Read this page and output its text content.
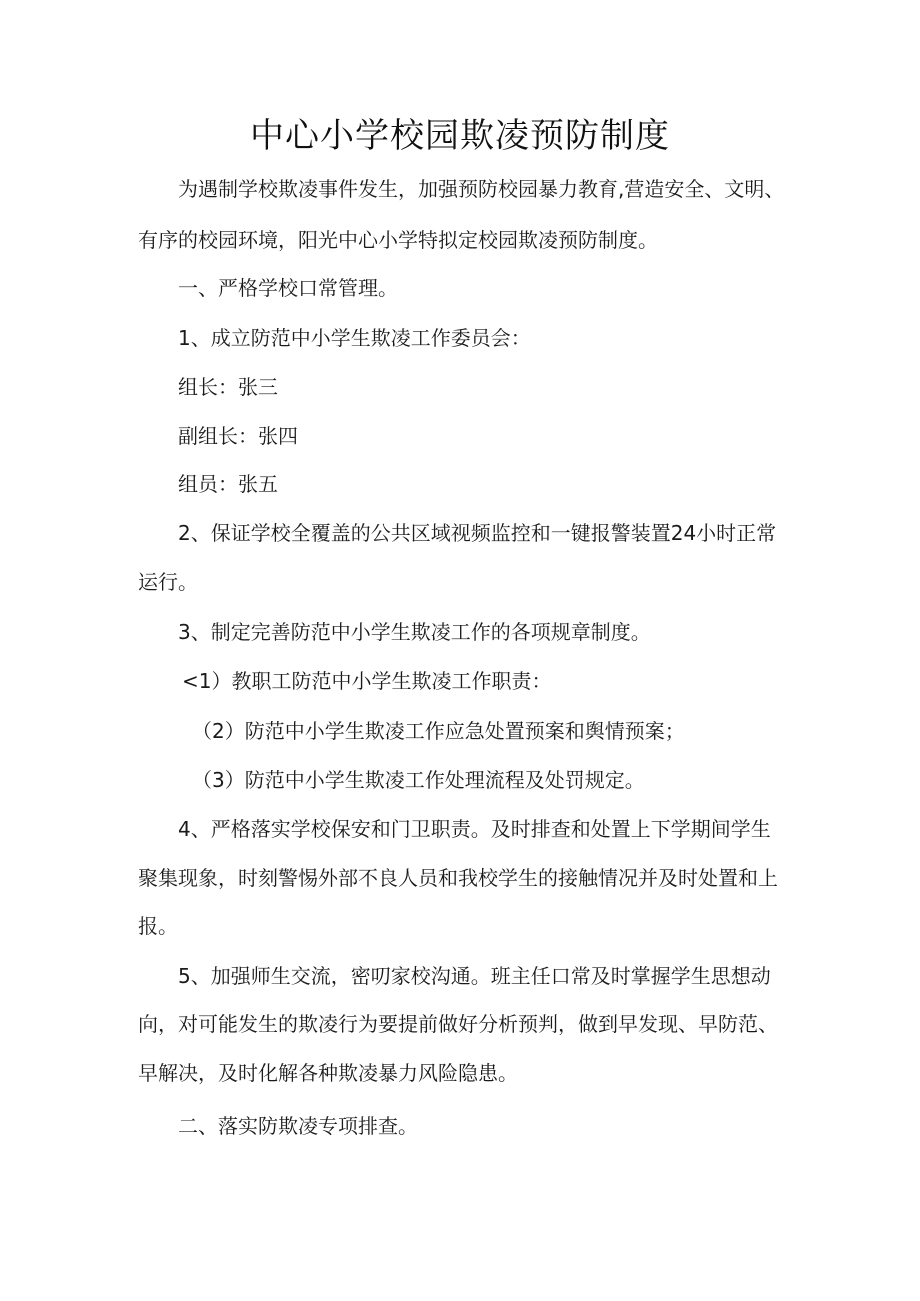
中心小学校园欺凌预防制度
为遇制学校欺凌事件发生，加强预防校园暴力教育,营造安全、文明、
有序的校园环境，阳光中心小学特拟定校园欺凌预防制度。
一、严格学校口常管理。
1、成立防范中小学生欺凌工作委员会：
组长：张三
副组长：张四
组员：张五
2、保证学校全覆盖的公共区域视频监控和一键报警装置24小时正常
运行。
3、制定完善防范中小学生欺凌工作的各项规章制度。
<1）教职工防范中小学生欺凌工作职责：
（2）防范中小学生欺凌工作应急处置预案和舆情预案；
（3）防范中小学生欺凌工作处理流程及处罚规定。
4、严格落实学校保安和门卫职责。及时排查和处置上下学期间学生
聚集现象，时刻警惕外部不良人员和我校学生的接触情况并及时处置和上
报。
5、加强师生交流，密叨家校沟通。班主任口常及时掌握学生思想动
向，对可能发生的欺凌行为要提前做好分析预判，做到早发现、早防范、
早解决，及时化解各种欺凌暴力风险隐患。
二、落实防欺凌专项排查。
